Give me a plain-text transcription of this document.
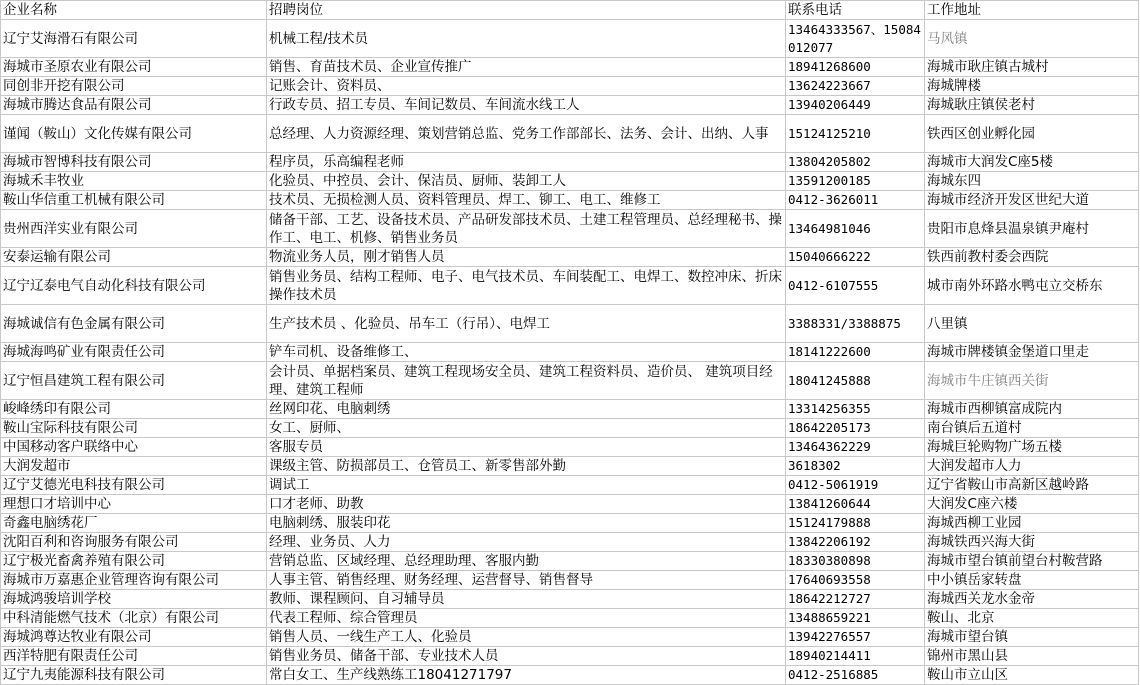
企业名称	招聘岗位	联系电话	工作地址
辽宁艾海滑石有限公司	机械工程/技术员	13464333567、15084012077	马风镇
海城市圣原农业有限公司	销售、育苗技术员、企业宣传推广	18941268600	海城市耿庄镇古城村
同创非开挖有限公司	记账会计、资料员、	13624223667	海城牌楼
海城市腾达食品有限公司	行政专员、招工专员、车间记数员、车间流水线工人	13940206449	海城耿庄镇侯老村
谨闻（鞍山）文化传媒有限公司	总经理、人力资源经理、策划营销总监、党务工作部部长、法务、会计、出纳、人事	15124125210	铁西区创业孵化园
海城市智博科技有限公司	程序员，乐高编程老师	13804205802	海城市大润发C座5楼
海城禾丰牧业	化验员、中控员、会计、保洁员、厨师、装卸工人	13591200185	海城东四
鞍山华信重工机械有限公司	技术员、无损检测人员、资料管理员、焊工、铆工、电工、维修工	0412-3626011	海城市经济开发区世纪大道
贵州西洋实业有限公司	储备干部、工艺、设备技术员、产品研发部技术员、土建工程管理员、总经理秘书、操作工、电工、机修、销售业务员	13464981046	贵阳市息烽县温泉镇尹庵村
安泰运输有限公司	物流业务人员，刚才销售人员	15040666222	铁西前教村委会西院
辽宁辽泰电气自动化科技有限公司	销售业务员、结构工程师、电子、电气技术员、车间装配工、电焊工、数控冲床、折床操作技术员	0412-6107555	城市南外环路水鸭屯立交桥东
海城诚信有色金属有限公司	生产技术员 、化验员、吊车工（行吊）、电焊工	3388331/3388875	八里镇
海城海鸣矿业有限责任公司	铲车司机、设备维修工、	18141222600	海城市牌楼镇金堡道口里走
辽宁恒昌建筑工程有限公司	会计员、单据档案员、建筑工程现场安全员、建筑工程资料员、造价员、 建筑项目经理、建筑工程师	18041245888	海城市牛庄镇西关街
峻峰绣印有限公司	丝网印花、电脑刺绣	13314256355	海城市西柳镇富成院内
鞍山宝际科技有限公司	女工、厨师、	18642205173	南台镇后五道村
中国移动客户联络中心	客服专员	13464362229	海城巨轮购物广场五楼
大润发超市	课级主管、防损部员工、仓管员工、新零售部外勤	3618302	大润发超市人力
辽宁艾德光电科技有限公司	调试工	0412-5061919	辽宁省鞍山市高新区越岭路
理想口才培训中心	口才老师、助教	13841260644	大润发C座六楼
奇鑫电脑绣花厂	电脑刺绣、服装印花	15124179888	海城西柳工业园
沈阳百利和咨询服务有限公司	经理、业务员、人力	13842206192	海城铁西兴海大街
辽宁极光畜禽养殖有限公司	营销总监、区域经理、总经理助理、客服内勤	18330380898	海城市望台镇前望台村鞍营路
海城市万嘉惠企业管理咨询有限公司	人事主管、销售经理、财务经理、运营督导、销售督导	17640693558	中小镇岳家转盘
海城鸿骏培训学校	教师、课程顾问、自习辅导员	18642212727	海城西关龙水金帝
中科清能燃气技术（北京）有限公司	代表工程师、综合管理员	13488659221	鞍山、北京
海城鸿尊达牧业有限公司	销售人员、一线生产工人、化验员	13942276557	海城市望台镇
西洋特肥有限责任公司	销售业务员、储备干部、专业技术人员	18940214411	锦州市黑山县
辽宁九夷能源科技有限公司	常白女工、生产线熟练工18041271797	0412-2516885	鞍山市立山区
